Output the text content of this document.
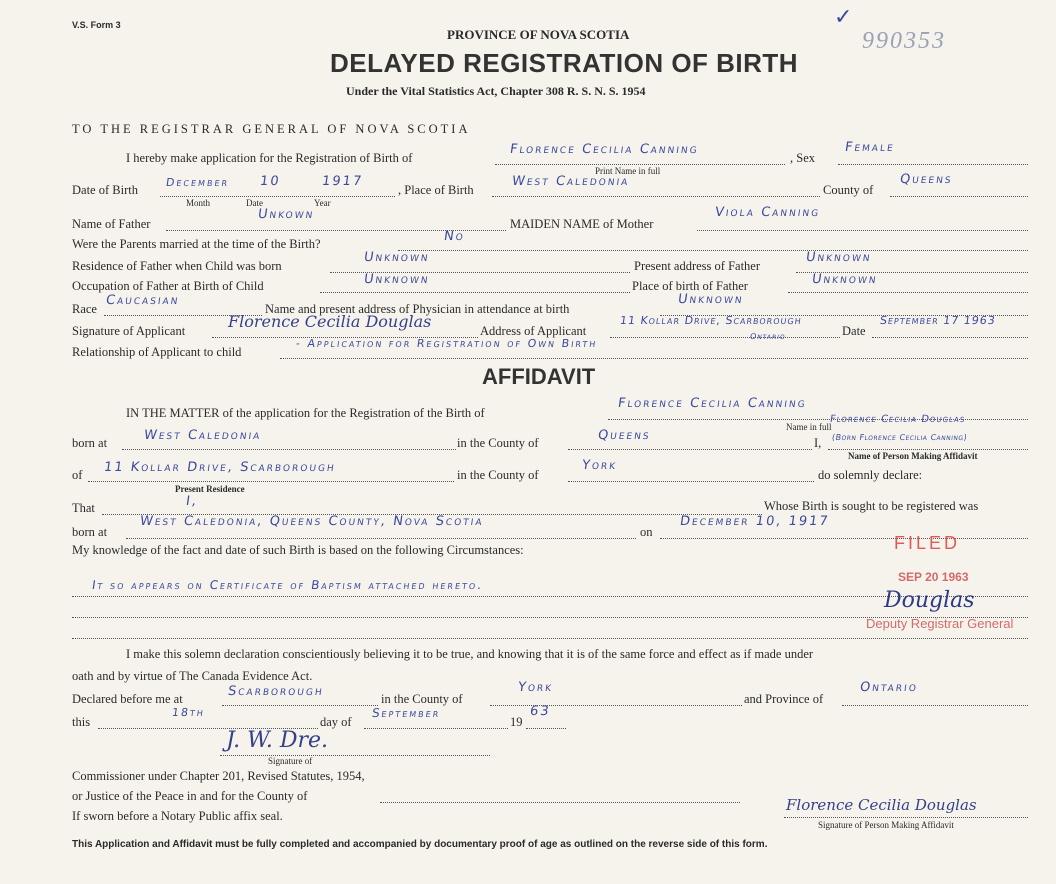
V.S. Form 3
PROVINCE OF NOVA SCOTIA
DELAYED REGISTRATION OF BIRTH
Under the Vital Statistics Act, Chapter 308 R. S. N. S. 1954
990353
✓
TO THE REGISTRAR GENERAL OF NOVA SCOTIA
I hereby make application for the Registration of Birth of
Florence Cecilia Canning
Print Name in full
, Sex
Female
Date of Birth
December 10	1917
Month	Date	Year
, Place of Birth
West Caledonia
County of
Queens
Name of Father
Unkown
MAIDEN NAME of Mother
Viola Canning
Were the Parents married at the time of the Birth?	No
Residence of Father when Child was born
Unknown
Present address of Father
Unknown
Occupation of Father at Birth of Child	Unknown	Place of birth of Father	Unknown
Race
Caucasian
Name and present address of Physician in attendance at birth
Unknown
Signature of Applicant	Florence Cecilia Douglas	Address of Applicant
11 Kollar Drive, Scarborough
Ontario	Date
September 17 1963
Relationship of Applicant to child
- Application for Registration of Own Birth
AFFIDAVIT
IN THE MATTER of the application for the Registration of the Birth of
Florence Cecilia Canning
Name in full
born at	West Caledonia	in the County of	Queens	I,
Florence Cecilia Douglas
(Born Florence Cecilia Canning)
Name of Person Making Affidavit
of 11 Kollar Drive, Scarborough
Present Residence
in the County of
York
do solemnly declare:
That	I,	Whose Birth is sought to be registered was
born at
West Caledonia, Queens County, Nova Scotia
on
December 10, 1917
My knowledge of the fact and date of such Birth is based on the following Circumstances:
It so appears on Certificate of Baptism attached hereto.
I make this solemn declaration conscientiously believing it to be true, and knowing that it is of the same force and effect as if made under
oath and by virtue of The Canada Evidence Act.
Declared before me at	Scarborough	in the County of
York
and Province of
Ontario
this
18th
day of
September
19
63
J. W. Dre.
Signature of
Commissioner under Chapter 201, Revised Statutes, 1954,
or Justice of the Peace in and for the County of
If sworn before a Notary Public affix seal.
Florence Cecilia Douglas
Signature of Person Making Affidavit
FILED
SEP 20 1963
Douglas
Deputy Registrar General
This Application and Affidavit must be fully completed and accompanied by documentary proof of age as outlined on the reverse side of this form.
